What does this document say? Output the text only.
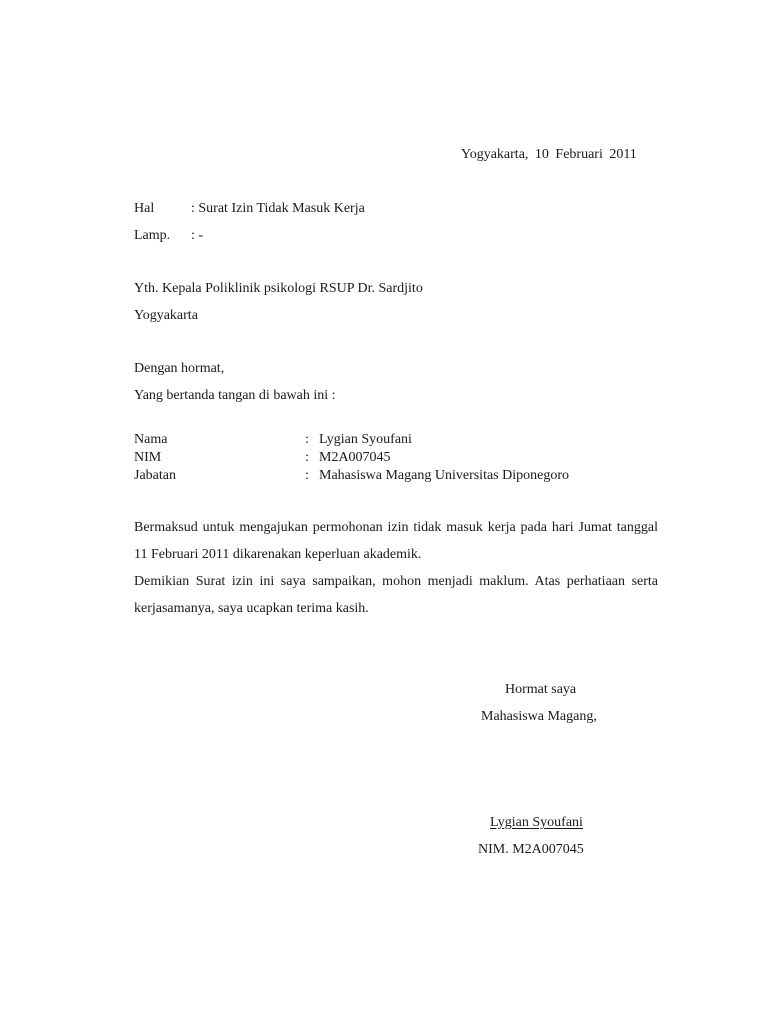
Yogyakarta, 10 Februari 2011
Hal	: Surat Izin Tidak Masuk Kerja
Lamp. : -
Yth. Kepala Poliklinik psikologi RSUP Dr. Sardjito
Yogyakarta
Dengan hormat,
Yang bertanda tangan di bawah ini :
Nama	: Lygian Syoufani
NIM	: M2A007045
Jabatan	: Mahasiswa Magang Universitas Diponegoro

Bermaksud untuk mengajukan permohonan izin tidak masuk kerja pada hari Jumat tanggal 11 Februari 2011 dikarenakan keperluan akademik.

Demikian Surat izin ini saya sampaikan, mohon menjadi maklum. Atas perhatiaan serta kerjasamanya, saya ucapkan terima kasih.

Hormat saya
Mahasiswa Magang,
Lygian Syoufani
NIM. M2A007045
